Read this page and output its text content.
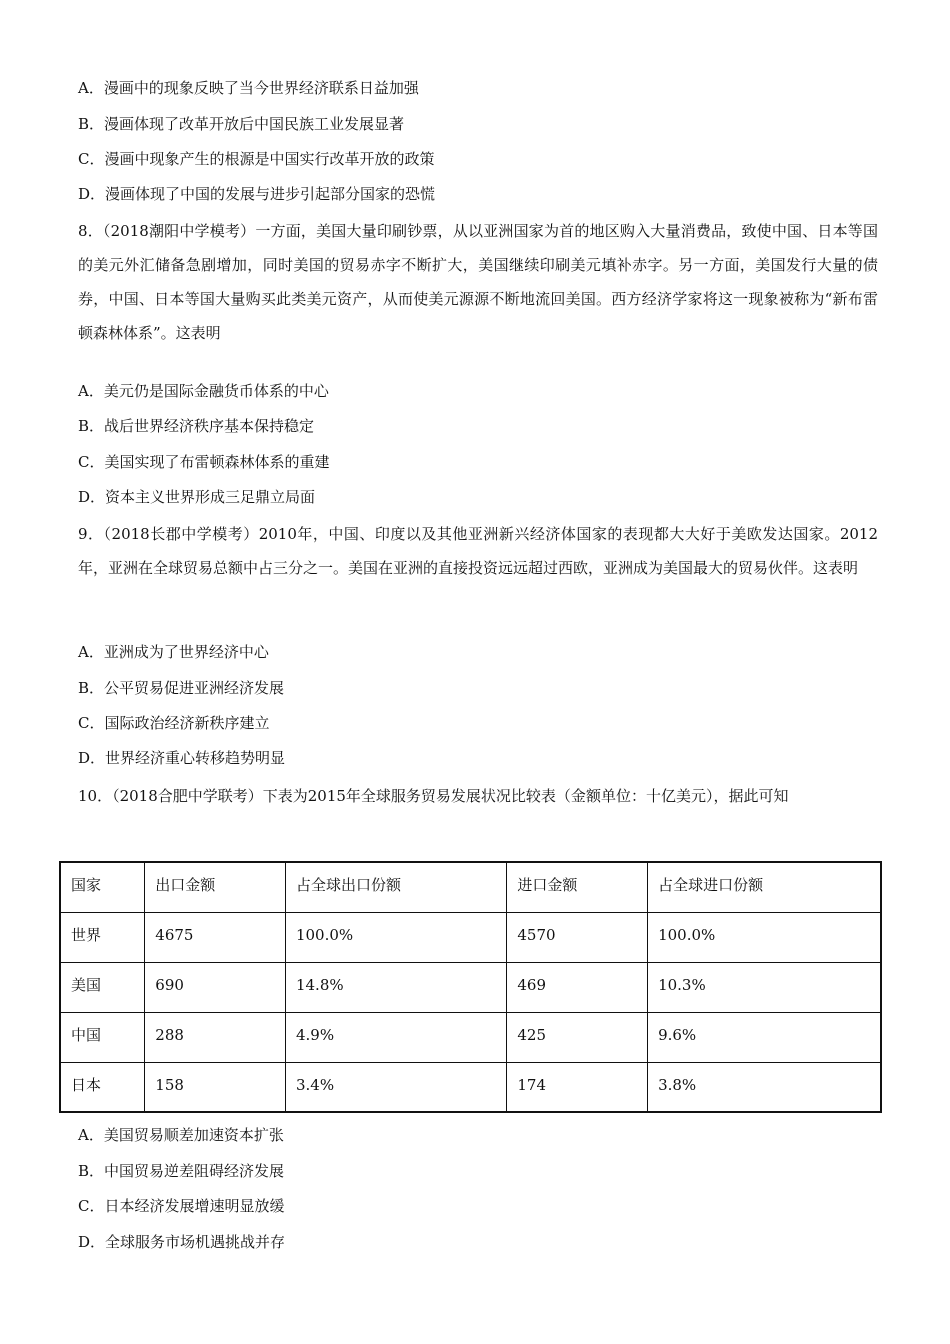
A．漫画中的现象反映了当今世界经济联系日益加强
B．漫画体现了改革开放后中国民族工业发展显著
C．漫画中现象产生的根源是中国实行改革开放的政策
D．漫画体现了中国的发展与进步引起部分国家的恐慌
8．（2018潮阳中学模考）一方面，美国大量印刷钞票，从以亚洲国家为首的地区购入大量消费品，致使中国、日本等国的美元外汇储备急剧增加，同时美国的贸易赤字不断扩大，美国继续印刷美元填补赤字。另一方面，美国发行大量的债券，中国、日本等国大量购买此类美元资产，从而使美元源源不断地流回美国。西方经济学家将这一现象被称为“新布雷顿森林体系”。这表明
A．美元仍是国际金融货币体系的中心
B．战后世界经济秩序基本保持稳定
C．美国实现了布雷顿森林体系的重建
D．资本主义世界形成三足鼎立局面
9．（2018长郡中学模考）2010年，中国、印度以及其他亚洲新兴经济体国家的表现都大大好于美欧发达国家。2012年，亚洲在全球贸易总额中占三分之一。美国在亚洲的直接投资远远超过西欧，亚洲成为美国最大的贸易伙伴。这表明
A．亚洲成为了世界经济中心
B．公平贸易促进亚洲经济发展
C．国际政治经济新秩序建立
D．世界经济重心转移趋势明显
10．（2018合肥中学联考）下表为2015年全球服务贸易发展状况比较表（金额单位：十亿美元），据此可知
国家	出口金额	占全球出口份额	进口金额	占全球进口份额
世界	4675	100.0%	4570	100.0%
美国	690	14.8%	469	10.3%
中国	288	4.9%	425	9.6%
日本	158	3.4%	174	3.8%
A．美国贸易顺差加速资本扩张
B．中国贸易逆差阻碍经济发展
C．日本经济发展增速明显放缓
D．全球服务市场机遇挑战并存
